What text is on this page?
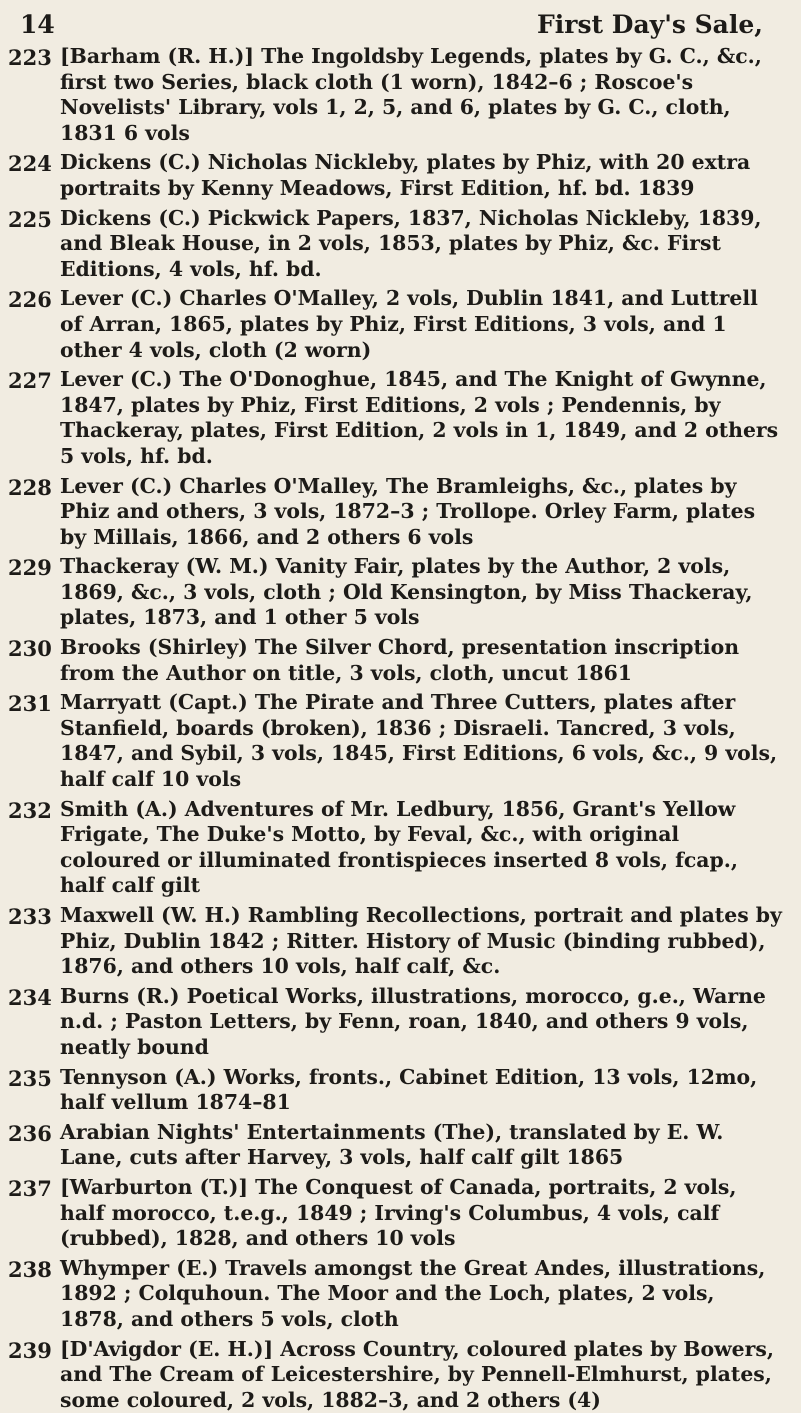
14	First Day's Sale,
223 [Barham (R. H.)] The Ingoldsby Legends, plates by G. C., &c., first two Series, black cloth (1 worn), 1842–6 ; Roscoe's Novelists' Library, vols 1, 2, 5, and 6, plates by G. C., cloth, 1831 6 vols
224 Dickens (C.) Nicholas Nickleby, plates by Phiz, with 20 extra portraits by Kenny Meadows, First Edition, hf. bd. 1839
225 Dickens (C.) Pickwick Papers, 1837, Nicholas Nickleby, 1839, and Bleak House, in 2 vols, 1853, plates by Phiz, &c. First Editions, 4 vols, hf. bd.
226 Lever (C.) Charles O'Malley, 2 vols, Dublin 1841, and Luttrell of Arran, 1865, plates by Phiz, First Editions, 3 vols, and 1 other 4 vols, cloth (2 worn)
227 Lever (C.) The O'Donoghue, 1845, and The Knight of Gwynne, 1847, plates by Phiz, First Editions, 2 vols ; Pendennis, by Thackeray, plates, First Edition, 2 vols in 1, 1849, and 2 others 5 vols, hf. bd.
228 Lever (C.) Charles O'Malley, The Bramleighs, &c., plates by Phiz and others, 3 vols, 1872–3 ; Trollope. Orley Farm, plates by Millais, 1866, and 2 others 6 vols
229 Thackeray (W. M.) Vanity Fair, plates by the Author, 2 vols, 1869, &c., 3 vols, cloth ; Old Kensington, by Miss Thackeray, plates, 1873, and 1 other 5 vols
230 Brooks (Shirley) The Silver Chord, presentation inscription from the Author on title, 3 vols, cloth, uncut 1861
231 Marryatt (Capt.) The Pirate and Three Cutters, plates after Stanfield, boards (broken), 1836 ; Disraeli. Tancred, 3 vols, 1847, and Sybil, 3 vols, 1845, First Editions, 6 vols, &c., 9 vols, half calf 10 vols
232 Smith (A.) Adventures of Mr. Ledbury, 1856, Grant's Yellow Frigate, The Duke's Motto, by Feval, &c., with original coloured or illuminated frontispieces inserted 8 vols, fcap., half calf gilt
233 Maxwell (W. H.) Rambling Recollections, portrait and plates by Phiz, Dublin 1842 ; Ritter. History of Music (binding rubbed), 1876, and others 10 vols, half calf, &c.
234 Burns (R.) Poetical Works, illustrations, morocco, g.e., Warne n.d. ; Paston Letters, by Fenn, roan, 1840, and others 9 vols, neatly bound
235 Tennyson (A.) Works, fronts., Cabinet Edition, 13 vols, 12mo, half vellum 1874–81
236 Arabian Nights' Entertainments (The), translated by E. W. Lane, cuts after Harvey, 3 vols, half calf gilt 1865
237 [Warburton (T.)] The Conquest of Canada, portraits, 2 vols, half morocco, t.e.g., 1849 ; Irving's Columbus, 4 vols, calf (rubbed), 1828, and others 10 vols
238 Whymper (E.) Travels amongst the Great Andes, illustrations, 1892 ; Colquhoun. The Moor and the Loch, plates, 2 vols, 1878, and others 5 vols, cloth
239 [D'Avigdor (E. H.)] Across Country, coloured plates by Bowers, and The Cream of Leicestershire, by Pennell-Elmhurst, plates, some coloured, 2 vols, 1882–3, and 2 others (4)
